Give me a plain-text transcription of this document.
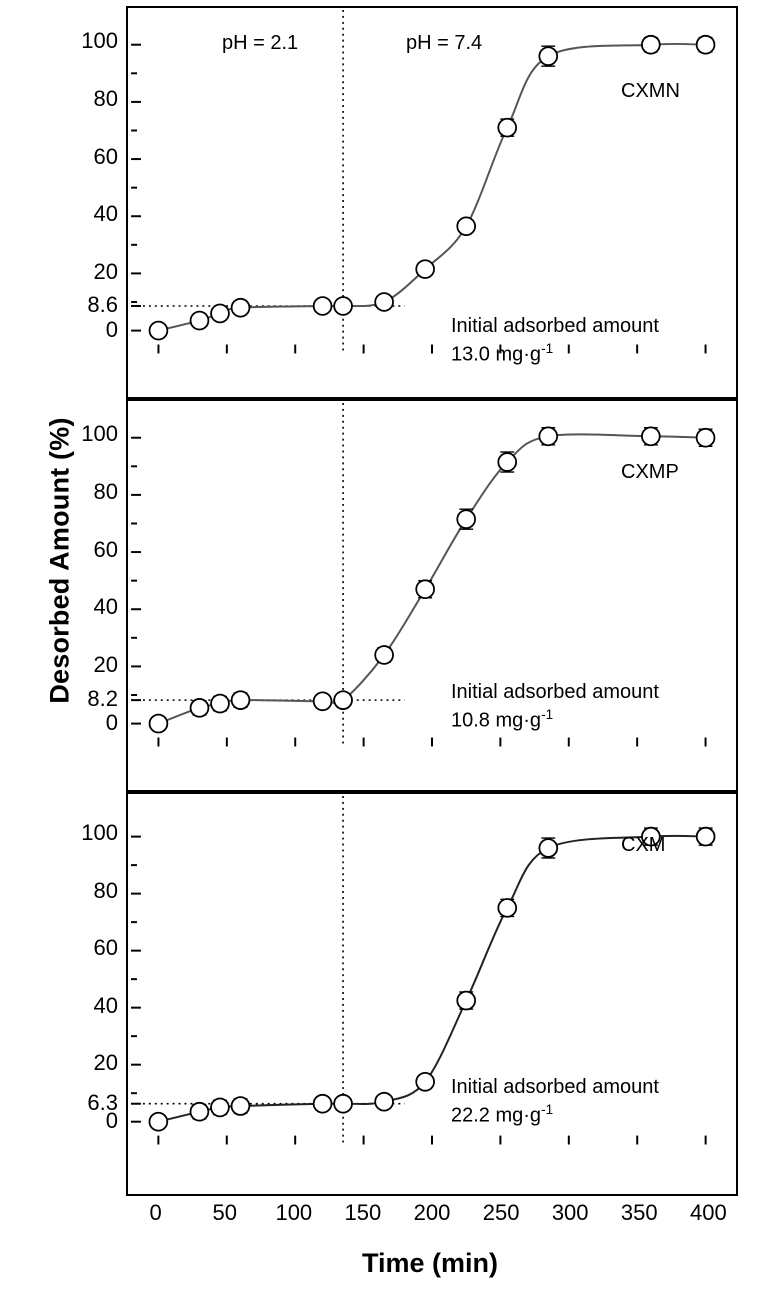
Desorbed Amount (%)
Time (min)
0
8.6
20
40
60
80
100
CXMN
Initial adsorbed amount
13.0 $mg\cdot g^{-1}$
0
8.2
20
40
60
80
100
CXMP
Initial adsorbed amount
10.8 $mg\cdot g^{-1}$
0
6.3
20
40
60
80
100	CXM
Initial adsorbed amount
22.2 $mg\cdot g^{-1}$
pH = 2.1	pH = 7.4
0	50	100	150	200	250	300	350	400
